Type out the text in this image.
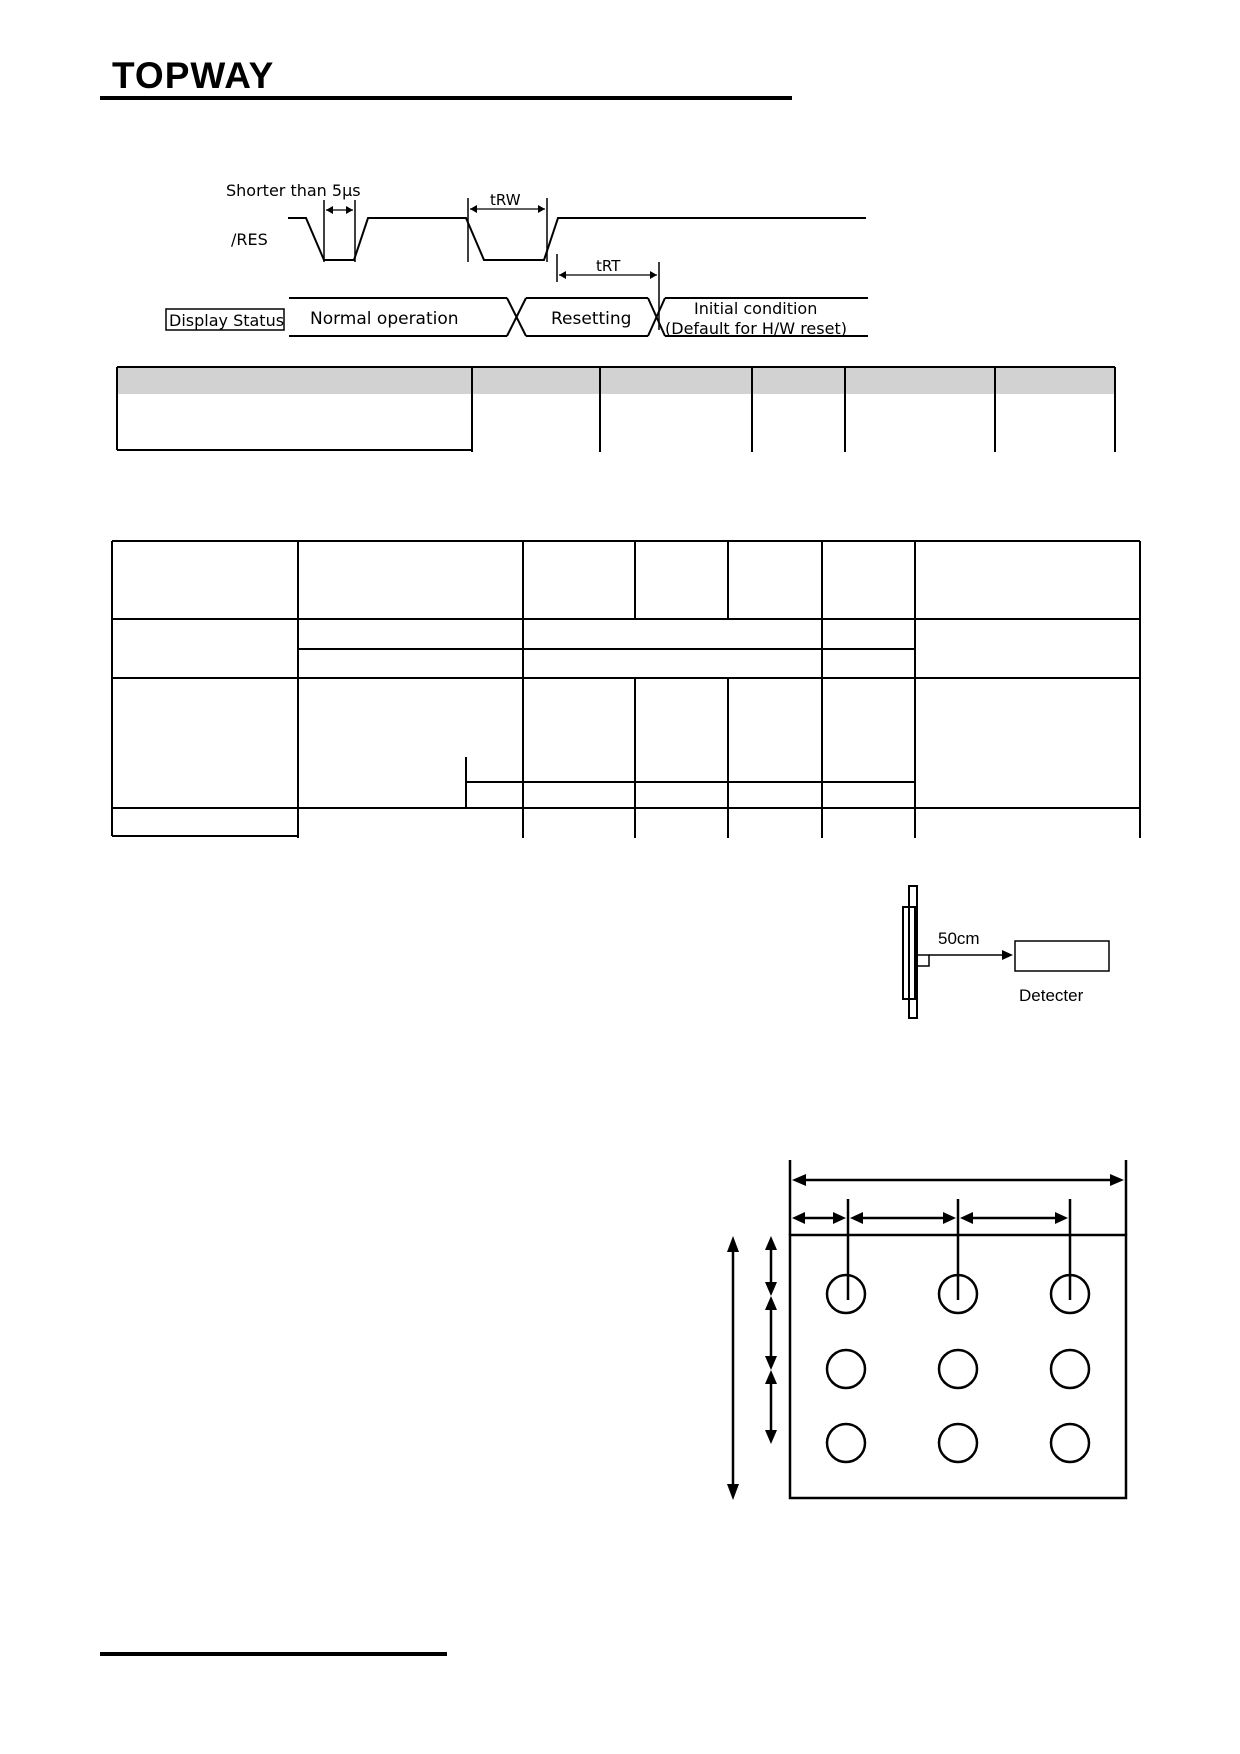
TOPWAY
Shorter than 5µs
/RES
tRW
tRT
Display Status Normal operation	Resetting
Initial condition
(Default for H/W reset)
50cm
Detecter
